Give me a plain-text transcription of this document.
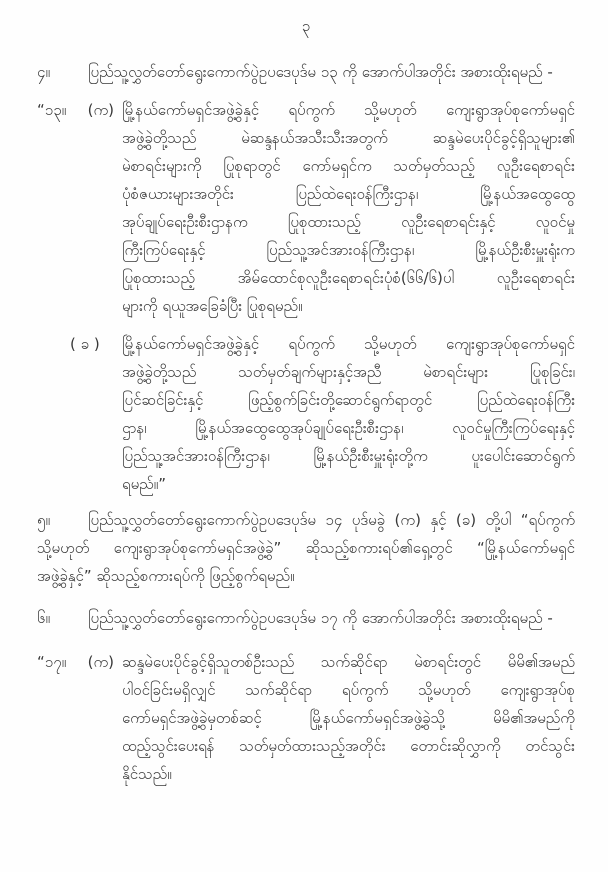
၃
၄။	ပြည်သူ့လွှတ်တော်ရွေးကောက်ပွဲဥပဒေပုဒ်မ ၁၃ ကို အောက်ပါအတိုင်း အစားထိုးရမည် -
“၁၃။ (က) မြို့နယ်ကော်မရှင်အဖွဲ့ခွဲနှင့် ရပ်ကွက် သို့မဟုတ် ကျေးရွာအုပ်စုကော်မရှင်
အဖွဲ့ခွဲတို့သည် မဲဆန္ဒနယ်အသီးသီးအတွက် ဆန္ဒမဲပေးပိုင်ခွင့်ရှိသူများ၏
မဲစာရင်းများကို ပြုစုရာတွင် ကော်မရှင်က သတ်မှတ်သည့် လူဦးရေစာရင်း
ပုံစံဇယားများအတိုင်း ပြည်ထဲရေးဝန်ကြီးဌာန၊ မြို့နယ်အထွေထွေ
အုပ်ချုပ်ရေးဦးစီးဌာနက ပြုစုထားသည့် လူဦးရေစာရင်းနှင့် လူဝင်မှု
ကြီးကြပ်ရေးနှင့် ပြည်သူ့အင်အားဝန်ကြီးဌာန၊ မြို့နယ်ဦးစီးမှူးရုံးက
ပြုစုထားသည့် အိမ်ထောင်စုလူဦးရေစာရင်းပုံစံ(၆၆/၆)ပါ လူဦးရေစာရင်း
များကို ရယူအခြေခံပြီး ပြုစုရမည်။
( ခ ) မြို့နယ်ကော်မရှင်အဖွဲ့ခွဲနှင့် ရပ်ကွက် သို့မဟုတ် ကျေးရွာအုပ်စုကော်မရှင်
အဖွဲ့ခွဲတို့သည် သတ်မှတ်ချက်များနှင့်အညီ မဲစာရင်းများ ပြုစုခြင်း၊
ပြင်ဆင်ခြင်းနှင့် ဖြည့်စွက်ခြင်းတို့ဆောင်ရွက်ရာတွင် ပြည်ထဲရေးဝန်ကြီး
ဌာန၊ မြို့နယ်အထွေထွေအုပ်ချုပ်ရေးဦးစီးဌာန၊ လူဝင်မှုကြီးကြပ်ရေးနှင့်
ပြည်သူ့အင်အားဝန်ကြီးဌာန၊ မြို့နယ်ဦးစီးမှူးရုံးတို့က ပူးပေါင်းဆောင်ရွက်
ရမည်။”
၅။	ပြည်သူ့လွှတ်တော်ရွေးကောက်ပွဲဥပဒေပုဒ်မ ၁၄ ပုဒ်မခွဲ (က) နှင့် (ခ) တို့ပါ “ရပ်ကွက်
သို့မဟုတ် ကျေးရွာအုပ်စုကော်မရှင်အဖွဲ့ခွဲ” ဆိုသည့်စကားရပ်၏ရှေ့တွင် “မြို့နယ်ကော်မရှင်
အဖွဲ့ခွဲနှင့်” ဆိုသည့်စကားရပ်ကို ဖြည့်စွက်ရမည်။
၆။	ပြည်သူ့လွှတ်တော်ရွေးကောက်ပွဲဥပဒေပုဒ်မ ၁၇ ကို အောက်ပါအတိုင်း အစားထိုးရမည် -
“၁၇။ (က) ဆန္ဒမဲပေးပိုင်ခွင့်ရှိသူတစ်ဦးသည် သက်ဆိုင်ရာ မဲစာရင်းတွင် မိမိ၏အမည်
ပါဝင်ခြင်းမရှိလျှင် သက်ဆိုင်ရာ ရပ်ကွက် သို့မဟုတ် ကျေးရွာအုပ်စု
ကော်မရှင်အဖွဲ့ခွဲမှတစ်ဆင့် မြို့နယ်ကော်မရှင်အဖွဲ့ခွဲသို့ မိမိ၏အမည်ကို
ထည့်သွင်းပေးရန် သတ်မှတ်ထားသည့်အတိုင်း တောင်းဆိုလွှာကို တင်သွင်း
နိုင်သည်။
